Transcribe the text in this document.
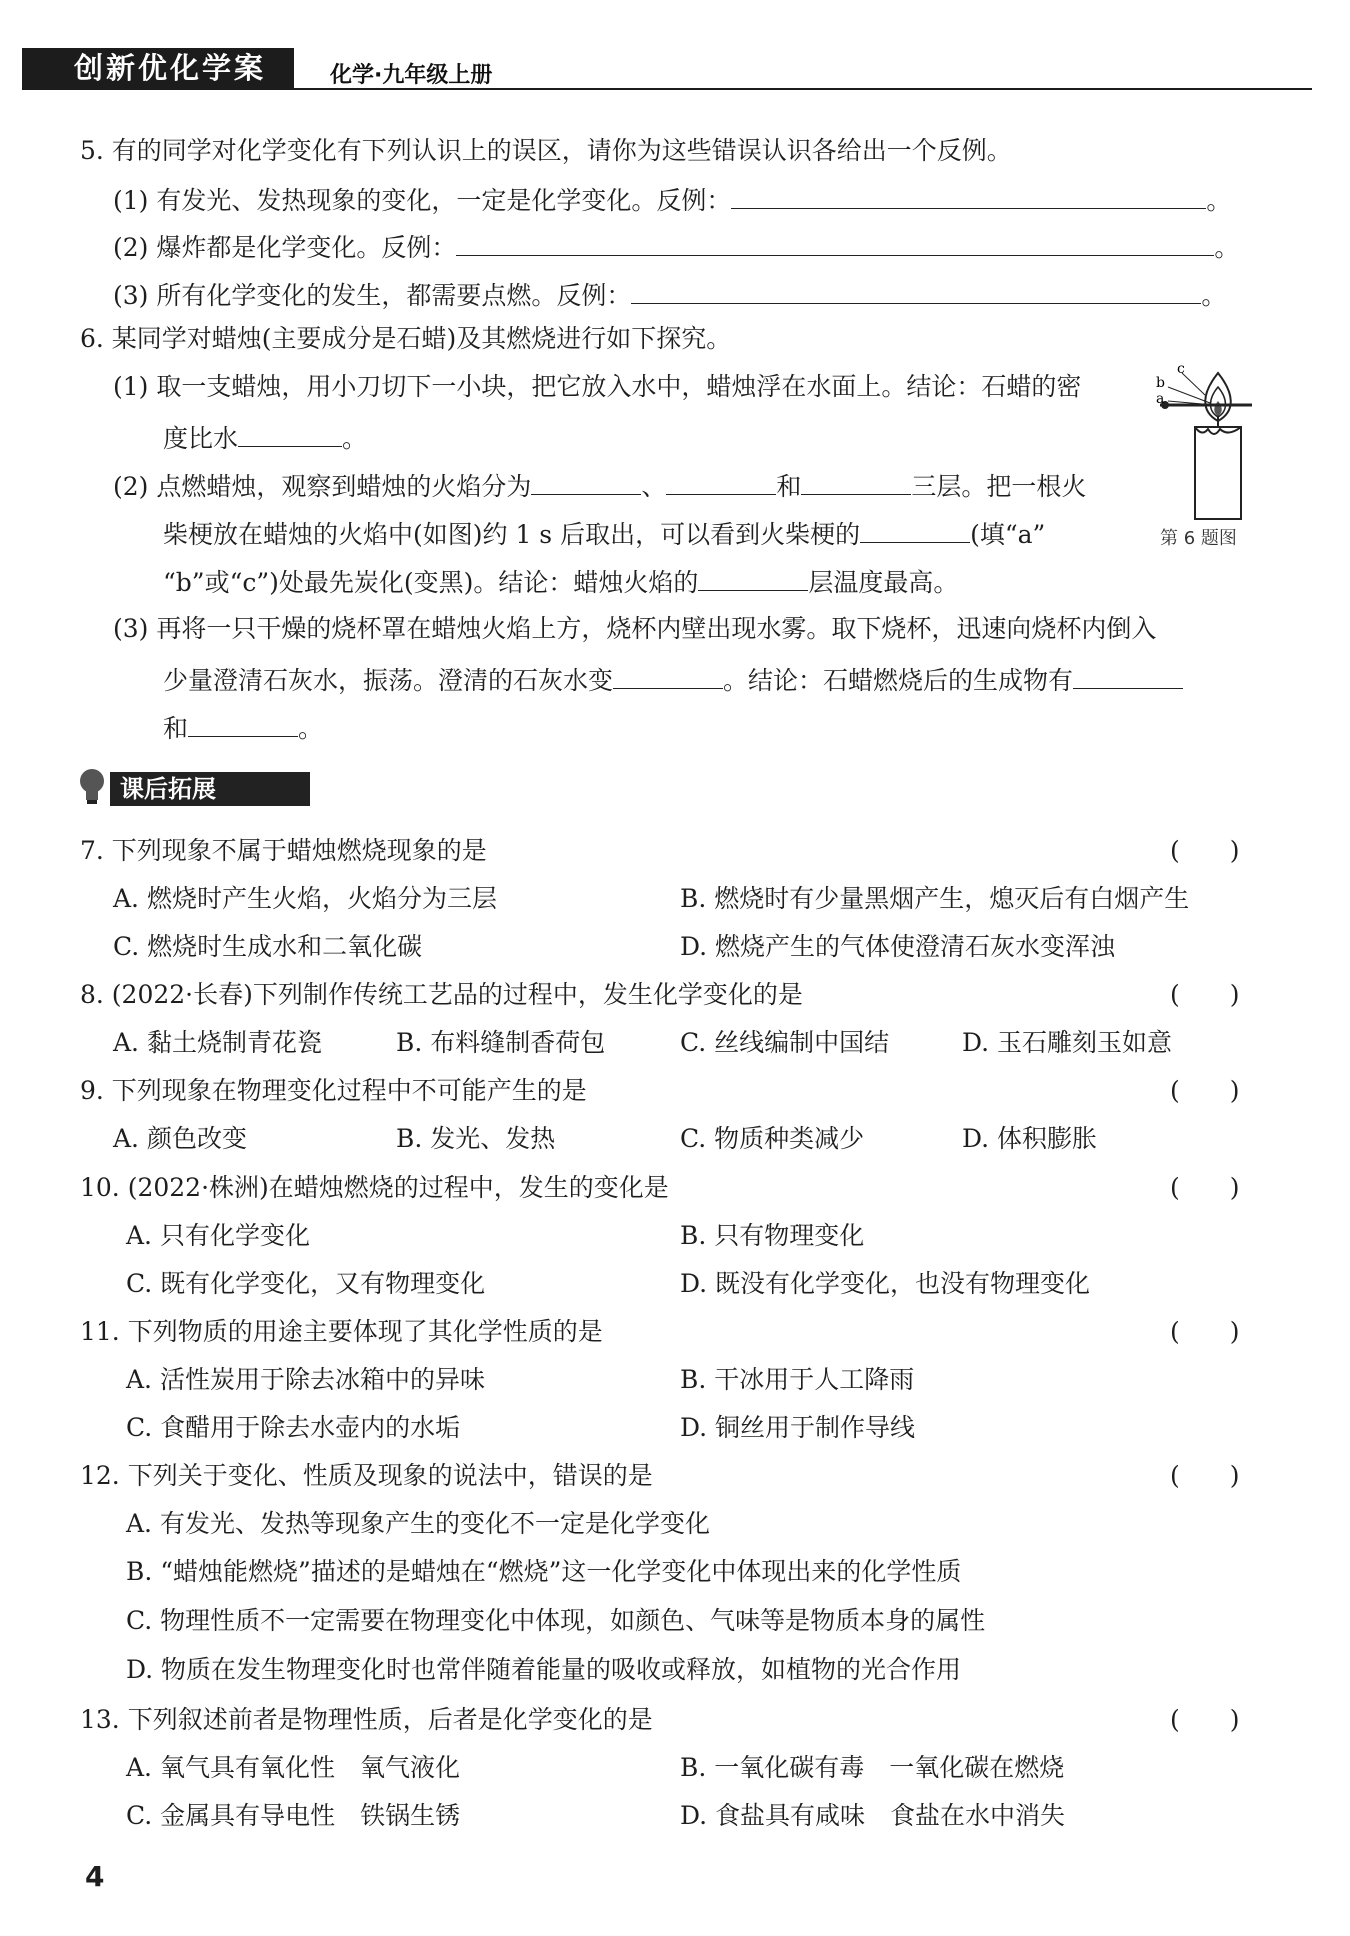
创新优化学案	化学·九年级上册
5. 有的同学对化学变化有下列认识上的误区，请你为这些错误认识各给出一个反例。
(1) 有发光、发热现象的变化，一定是化学变化。反例：	。
(2) 爆炸都是化学变化。反例：	。
(3) 所有化学变化的发生，都需要点燃。反例：	。
6. 某同学对蜡烛(主要成分是石蜡)及其燃烧进行如下探究。
(1) 取一支蜡烛，用小刀切下一小块，把它放入水中，蜡烛浮在水面上。结论：石蜡的密
度比水	。
(2) 点燃蜡烛，观察到蜡烛的火焰分为	、	和	三层。把一根火
柴梗放在蜡烛的火焰中(如图)约 1 s 后取出，可以看到火柴梗的	(填“a”
“b”或“c”)处最先炭化(变黑)。结论：蜡烛火焰的	层温度最高。
(3) 再将一只干燥的烧杯罩在蜡烛火焰上方，烧杯内壁出现水雾。取下烧杯，迅速向烧杯内倒入
少量澄清石灰水，振荡。澄清的石灰水变	。结论：石蜡燃烧后的生成物有
和	。
c
b
a
第 6 题图
课后拓展
7. 下列现象不属于蜡烛燃烧现象的是	(　　)
A. 燃烧时产生火焰，火焰分为三层	B. 燃烧时有少量黑烟产生，熄灭后有白烟产生
C. 燃烧时生成水和二氧化碳	D. 燃烧产生的气体使澄清石灰水变浑浊
8. (2022·长春)下列制作传统工艺品的过程中，发生化学变化的是	(　　)
A. 黏土烧制青花瓷	B. 布料缝制香荷包	C. 丝线编制中国结	D. 玉石雕刻玉如意
9. 下列现象在物理变化过程中不可能产生的是	(　　)
A. 颜色改变	B. 发光、发热	C. 物质种类减少	D. 体积膨胀
10. (2022·株洲)在蜡烛燃烧的过程中，发生的变化是	(　　)
A. 只有化学变化	B. 只有物理变化
C. 既有化学变化，又有物理变化	D. 既没有化学变化，也没有物理变化
11. 下列物质的用途主要体现了其化学性质的是	(　　)
A. 活性炭用于除去冰箱中的异味	B. 干冰用于人工降雨
C. 食醋用于除去水壶内的水垢	D. 铜丝用于制作导线
12. 下列关于变化、性质及现象的说法中，错误的是	(　　)
A. 有发光、发热等现象产生的变化不一定是化学变化
B. “蜡烛能燃烧”描述的是蜡烛在“燃烧”这一化学变化中体现出来的化学性质
C. 物理性质不一定需要在物理变化中体现，如颜色、气味等是物质本身的属性
D. 物质在发生物理变化时也常伴随着能量的吸收或释放，如植物的光合作用
13. 下列叙述前者是物理性质，后者是化学变化的是	(　　)
A. 氧气具有氧化性　氧气液化	B. 一氧化碳有毒　一氧化碳在燃烧
C. 金属具有导电性　铁锅生锈	D. 食盐具有咸味　食盐在水中消失
4
